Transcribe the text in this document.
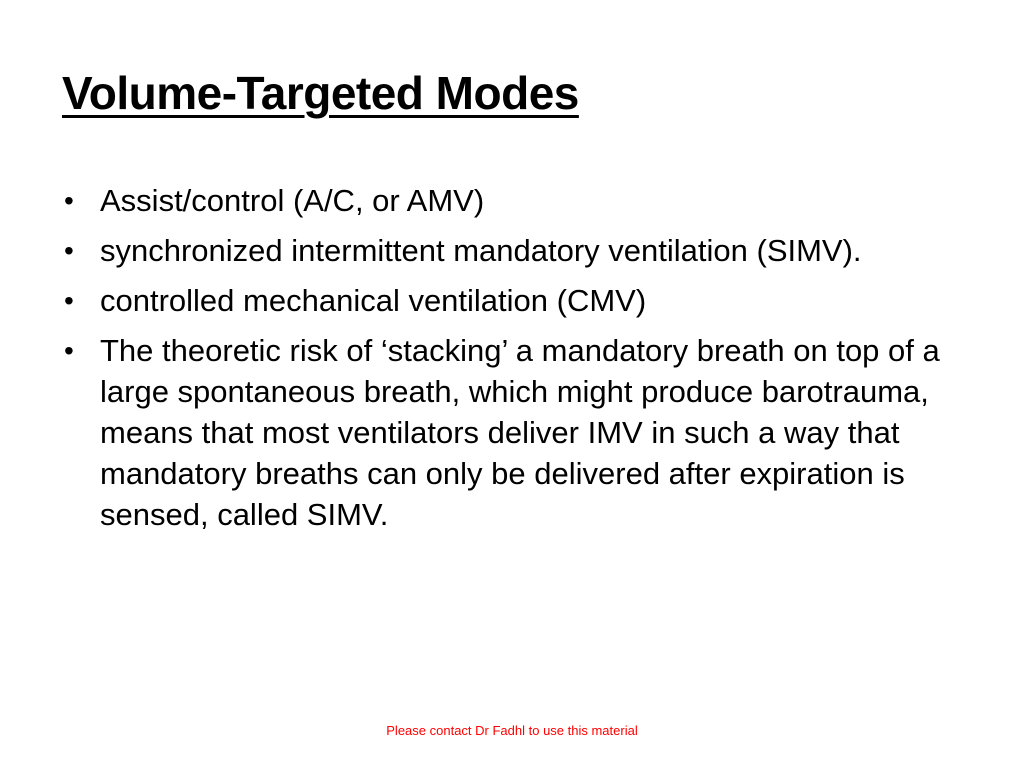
Volume-Targeted Modes
• Assist/control (A/C, or AMV)
• synchronized intermittent mandatory ventilation (SIMV).
• controlled mechanical ventilation (CMV)
• The theoretic risk of ‘stacking’ a mandatory breath on top of a large spontaneous breath, which might produce barotrauma, means that most ventilators deliver IMV in such a way that mandatory breaths can only be delivered after expiration is sensed, called SIMV.
Please contact Dr Fadhl to use this material
